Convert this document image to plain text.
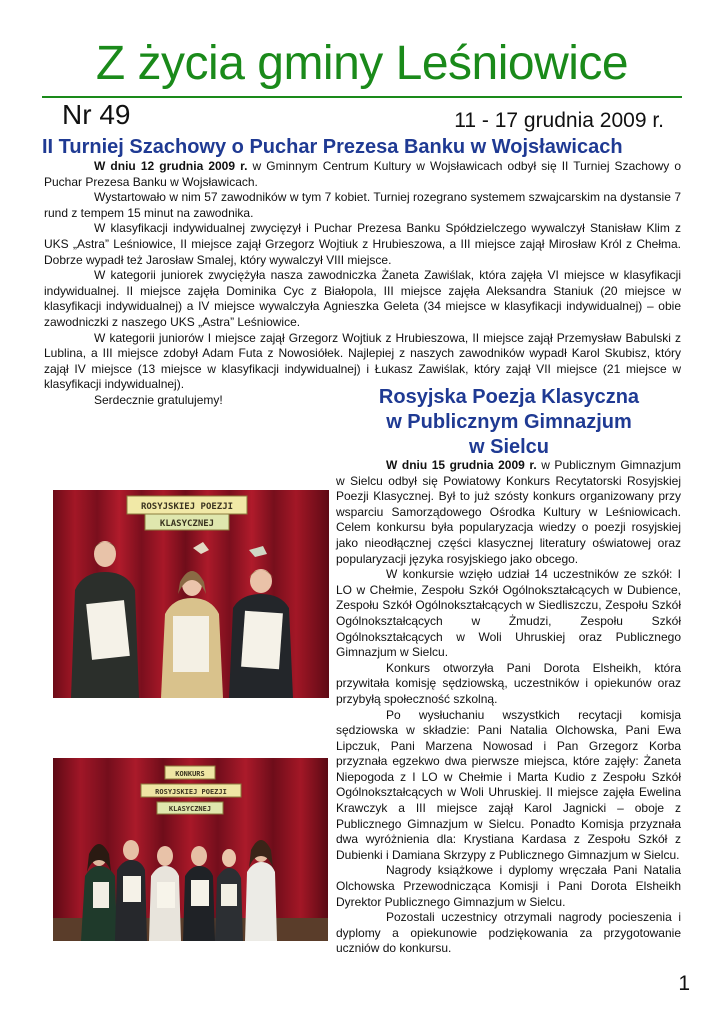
Z życia gminy Leśniowice
Nr 49	11 - 17 grudnia 2009 r.
II Turniej Szachowy o Puchar Prezesa Banku w Wojsławicach

W dniu 12 grudnia 2009 r. w Gminnym Centrum Kultury w Wojsławicach odbył się II Turniej Szachowy o Puchar Prezesa Banku w Wojsławicach.

Wystartowało w nim 57 zawodników w tym 7 kobiet. Turniej rozegrano systemem szwajcarskim na dystansie 7 rund z tempem 15 minut na zawodnika.

W klasyfikacji indywidualnej zwycięzył i Puchar Prezesa Banku Spółdzielczego wywalczył Stanisław Klim z UKS „Astra” Leśniowice, II miejsce zajął Grzegorz Wojtiuk z Hrubieszowa, a III miejsce zajął Mirosław Król z Chełma. Dobrze wypadł też Jarosław Smalej, który wywalczył VIII miejsce.

W kategorii juniorek zwyciężyła nasza zawodniczka Żaneta Zawiślak, która zajęła VI miejsce w klasyfikacji indywidualnej. II miejsce zajęła Dominika Cyc z Białopola, III miejsce zajęła Aleksandra Staniuk (20 miejsce w klasyfikacji indywidualnej) a IV miejsce wywalczyła Agnieszka Geleta (34 miejsce w klasyfikacji indywidualnej) – obie zawodniczki z naszego UKS „Astra” Leśniowice.

W kategorii juniorów I miejsce zajął Grzegorz Wojtiuk z Hrubieszowa, II miejsce zajął Przemysław Babulski z Lublina, a III miejsce zdobył Adam Futa z Nowosiółek. Najlepiej z naszych zawodników wypadł Karol Skubisz, który zajął IV miejsce (13 miejsce w klasyfikacji indywidualnej) i Łukasz Zawiślak, który zajął VII miejsce (21 miejsce w klasyfikacji indywidualnej).

Serdecznie gratulujemy!	Rosyjska Poezja Klasyczna
w Publicznym Gimnazjum
w Sielcu

W dniu 15 grudnia 2009 r. w Publicznym Gimnazjum w Sielcu odbył się Powiatowy Konkurs Recytatorski Rosyjskiej Poezji Klasycznej. Był to już szósty konkurs organizowany przy wsparciu Samorządowego Ośrodka Kultury w Leśniowicach. Celem konkursu była popularyzacja wiedzy o poezji rosyjskiej jako nieodłącznej części klasycznej literatury oświatowej oraz popularyzacji języka rosyjskiego jako obcego.

W konkursie wzięło udział 14 uczestników ze szkół: I LO w Chełmie, Zespołu Szkół Ogólnokształcących w Dubience, Zespołu Szkół Ogólnokształcących w Siedliszczu, Zespołu Szkół Ogólnokształcących w Żmudzi, Zespołu Szkół Ogólnokształcących w Woli Uhruskiej oraz Publicznego Gimnazjum w Sielcu.

Konkurs otworzyła Pani Dorota Elsheikh, która przywitała komisję sędziowską, uczestników i opiekunów oraz przybyłą społeczność szkolną.

Po wysłuchaniu wszystkich recytacji komisja sędziowska w składzie: Pani Natalia Olchowska, Pani Ewa Lipczuk, Pani Marzena Nowosad i Pan Grzegorz Korba przyznała egzekwo dwa pierwsze miejsca, które zajęły: Żaneta Niepogoda z I LO w Chełmie i Marta Kudio z Zespołu Szkół Ogólnokształcących w Woli Uhruskiej. II miejsce zajęła Ewelina Krawczyk a III miejsce zajął Karol Jagnicki – oboje z Publicznego Gimnazjum w Sielcu. Ponadto Komisja przyznała dwa wyróżnienia dla: Krystiana Kardasa z Zespołu Szkół z Dubienki i Damiana Skrzypy z Publicznego Gimnazjum w Sielcu.

Nagrody książkowe i dyplomy wręczała Pani Natalia Olchowska Przewodnicząca Komisji i Pani Dorota Elsheikh Dyrektor Publicznego Gimnazjum w Sielcu.

Pozostali uczestnicy otrzymali nagrody pocieszenia i dyplomy a opiekunowie podziękowania za przygotowanie uczniów do konkursu.

ROSYJSKIEJ POEZJI
KLASYCZNEJ
KONKURS
ROSYJSKIEJ POEZJI
KLASYCZNEJ
1
